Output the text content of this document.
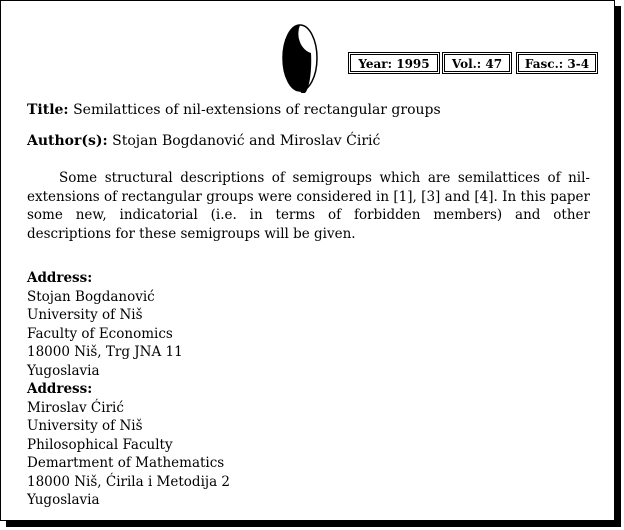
Year: 1995	Vol.: 47	Fasc.: 3-4
Title: Semilattices of nil-extensions of rectangular groups
Author(s): Stojan Bogdanović and Miroslav Ćirić
Some structural descriptions of semigroups which are semilattices of nil-extensions of rectangular groups were considered in [1], [3] and [4]. In this paper some new, indicatorial (i.e. in terms of forbidden members) and other descriptions for these semigroups will be given.
Address:
Stojan Bogdanović
University of Niš
Faculty of Economics
18000 Niš, Trg JNA 11
Yugoslavia
Address:
Miroslav Ćirić
University of Niš
Philosophical Faculty
Demartment of Mathematics
18000 Niš, Ćirila i Metodija 2
Yugoslavia
